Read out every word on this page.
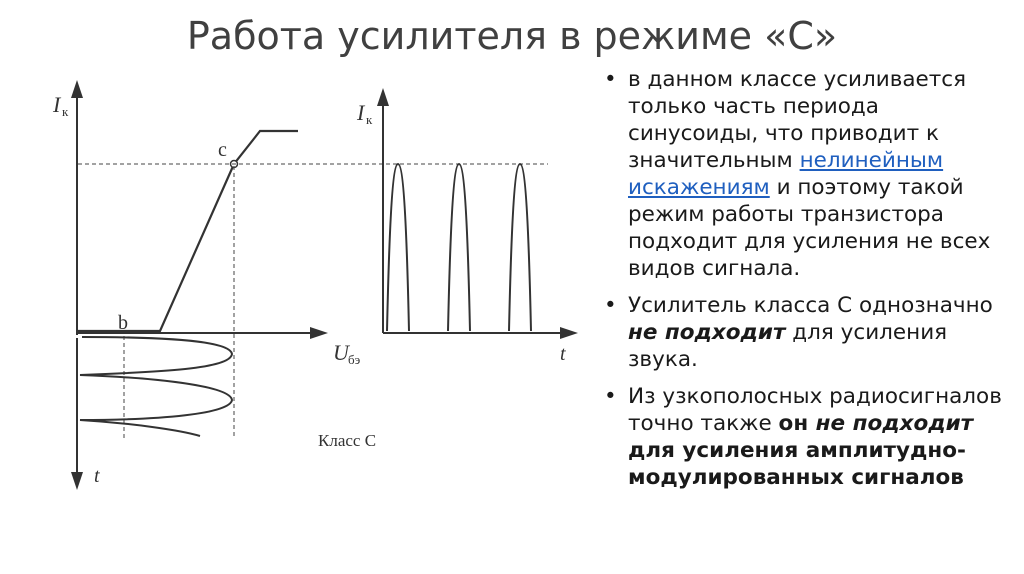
Работа усилителя в режиме «С»
I к
U бэ
t
c
b
Класс C
I к
t
• в данном классе усиливается только часть периода синусоиды, что приводит к значительным нелинейным искажениям и поэтому такой режим работы транзистора подходит для усиления не всех видов сигнала.
• Усилитель класса С однозначно не подходит для усиления звука.
• Из узкополосных радиосигналов точно также он не подходит для усиления амплитудно-модулированных сигналов
